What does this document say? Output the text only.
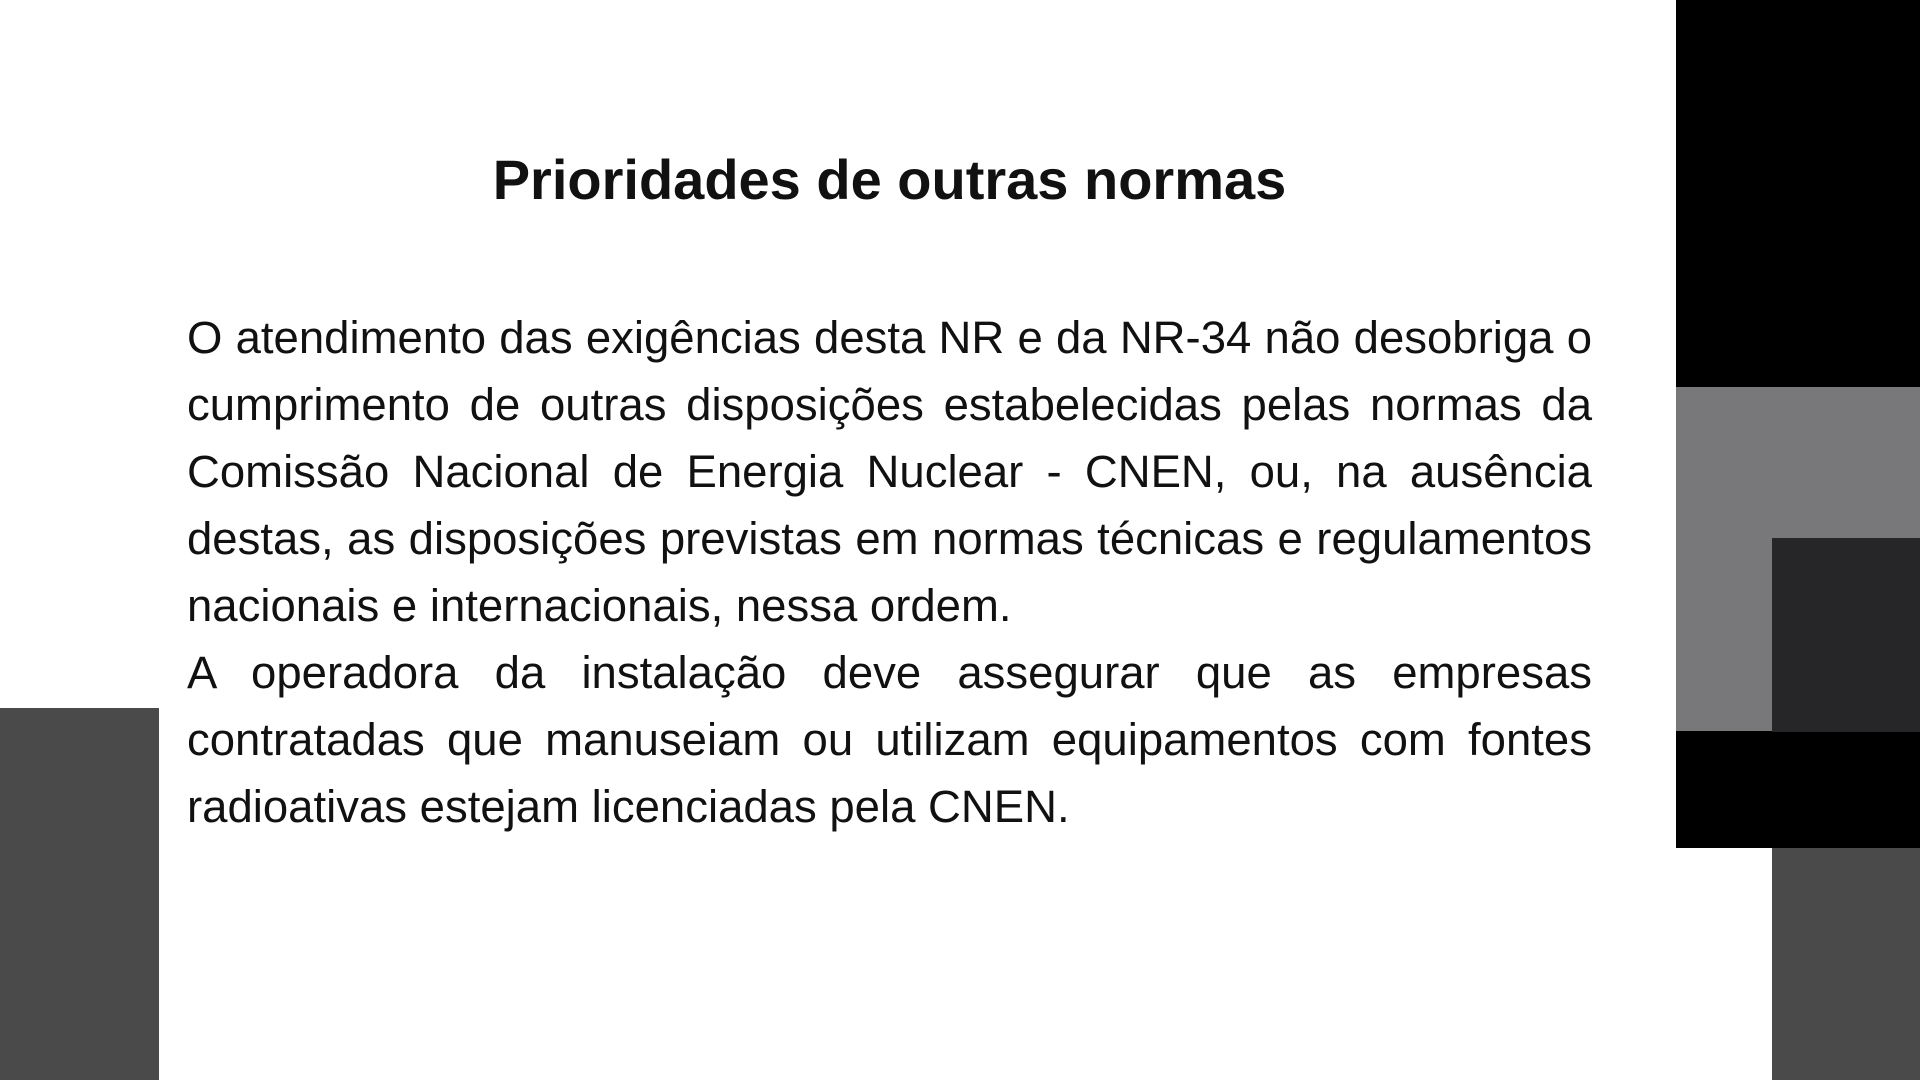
Prioridades de outras normas

O atendimento das exigências desta NR e da NR-34 não desobriga o cumprimento de outras disposições estabelecidas pelas normas da Comissão Nacional de Energia Nuclear - CNEN, ou, na ausência destas, as disposições previstas em normas técnicas e regulamentos nacionais e internacionais, nessa ordem.

A operadora da instalação deve assegurar que as empresas contratadas que manuseiam ou utilizam equipamentos com fontes radioativas estejam licenciadas pela CNEN.
